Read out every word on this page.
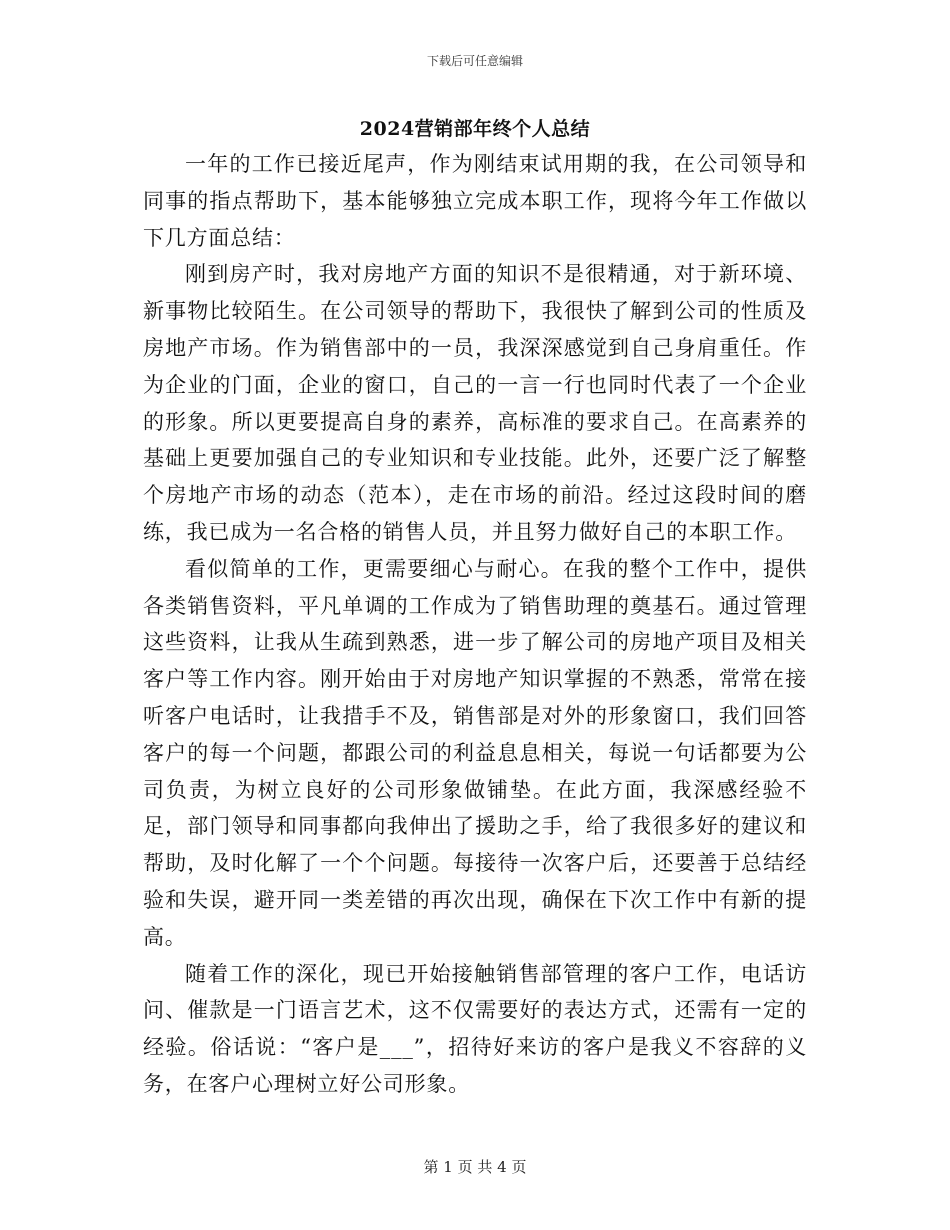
下载后可任意编辑
2024营销部年终个人总结

一年的工作已接近尾声，作为刚结束试用期的我，在公司领导和同事的指点帮助下，基本能够独立完成本职工作，现将今年工作做以下几方面总结：

刚到房产时，我对房地产方面的知识不是很精通，对于新环境、新事物比较陌生。在公司领导的帮助下，我很快了解到公司的性质及房地产市场。作为销售部中的一员，我深深感觉到自己身肩重任。作为企业的门面，企业的窗口，自己的一言一行也同时代表了一个企业的形象。所以更要提高自身的素养，高标准的要求自己。在高素养的基础上更要加强自己的专业知识和专业技能。此外，还要广泛了解整个房地产市场的动态（范本），走在市场的前沿。经过这段时间的磨练，我已成为一名合格的销售人员，并且努力做好自己的本职工作。

看似简单的工作，更需要细心与耐心。在我的整个工作中，提供各类销售资料，平凡单调的工作成为了销售助理的奠基石。通过管理这些资料，让我从生疏到熟悉，进一步了解公司的房地产项目及相关客户等工作内容。刚开始由于对房地产知识掌握的不熟悉，常常在接听客户电话时，让我措手不及，销售部是对外的形象窗口，我们回答客户的每一个问题，都跟公司的利益息息相关，每说一句话都要为公司负责，为树立良好的公司形象做铺垫。在此方面，我深感经验不足，部门领导和同事都向我伸出了援助之手，给了我很多好的建议和帮助，及时化解了一个个问题。每接待一次客户后，还要善于总结经验和失误，避开同一类差错的再次出现，确保在下次工作中有新的提高。

随着工作的深化，现已开始接触销售部管理的客户工作，电话访问、催款是一门语言艺术，这不仅需要好的表达方式，还需有一定的经验。俗话说：“客户是___”，招待好来访的客户是我义不容辞的义务，在客户心理树立好公司形象。

第 1 页 共 4 页
